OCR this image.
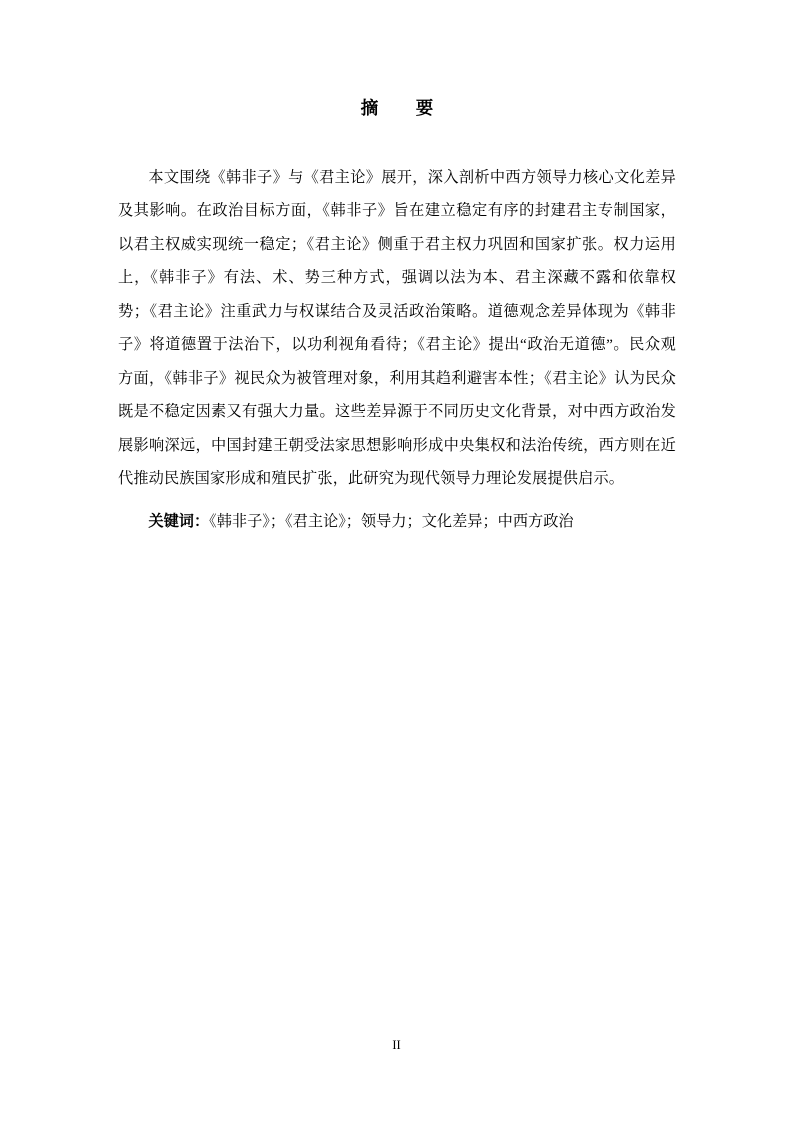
摘　要

本文围绕《韩非子》与《君主论》展开，深入剖析中西方领导力核心文化差异及其影响。在政治目标方面，《韩非子》旨在建立稳定有序的封建君主专制国家，以君主权威实现统一稳定；《君主论》侧重于君主权力巩固和国家扩张。权力运用上，《韩非子》有法、术、势三种方式，强调以法为本、君主深藏不露和依靠权势；《君主论》注重武力与权谋结合及灵活政治策略。道德观念差异体现为《韩非子》将道德置于法治下，以功利视角看待；《君主论》提出“政治无道德”。民众观方面，《韩非子》视民众为被管理对象，利用其趋利避害本性；《君主论》认为民众既是不稳定因素又有强大力量。这些差异源于不同历史文化背景，对中西方政治发展影响深远，中国封建王朝受法家思想影响形成中央集权和法治传统，西方则在近代推动民族国家形成和殖民扩张，此研究为现代领导力理论发展提供启示。

关键词：《韩非子》；《君主论》；领导力；文化差异；中西方政治

II
